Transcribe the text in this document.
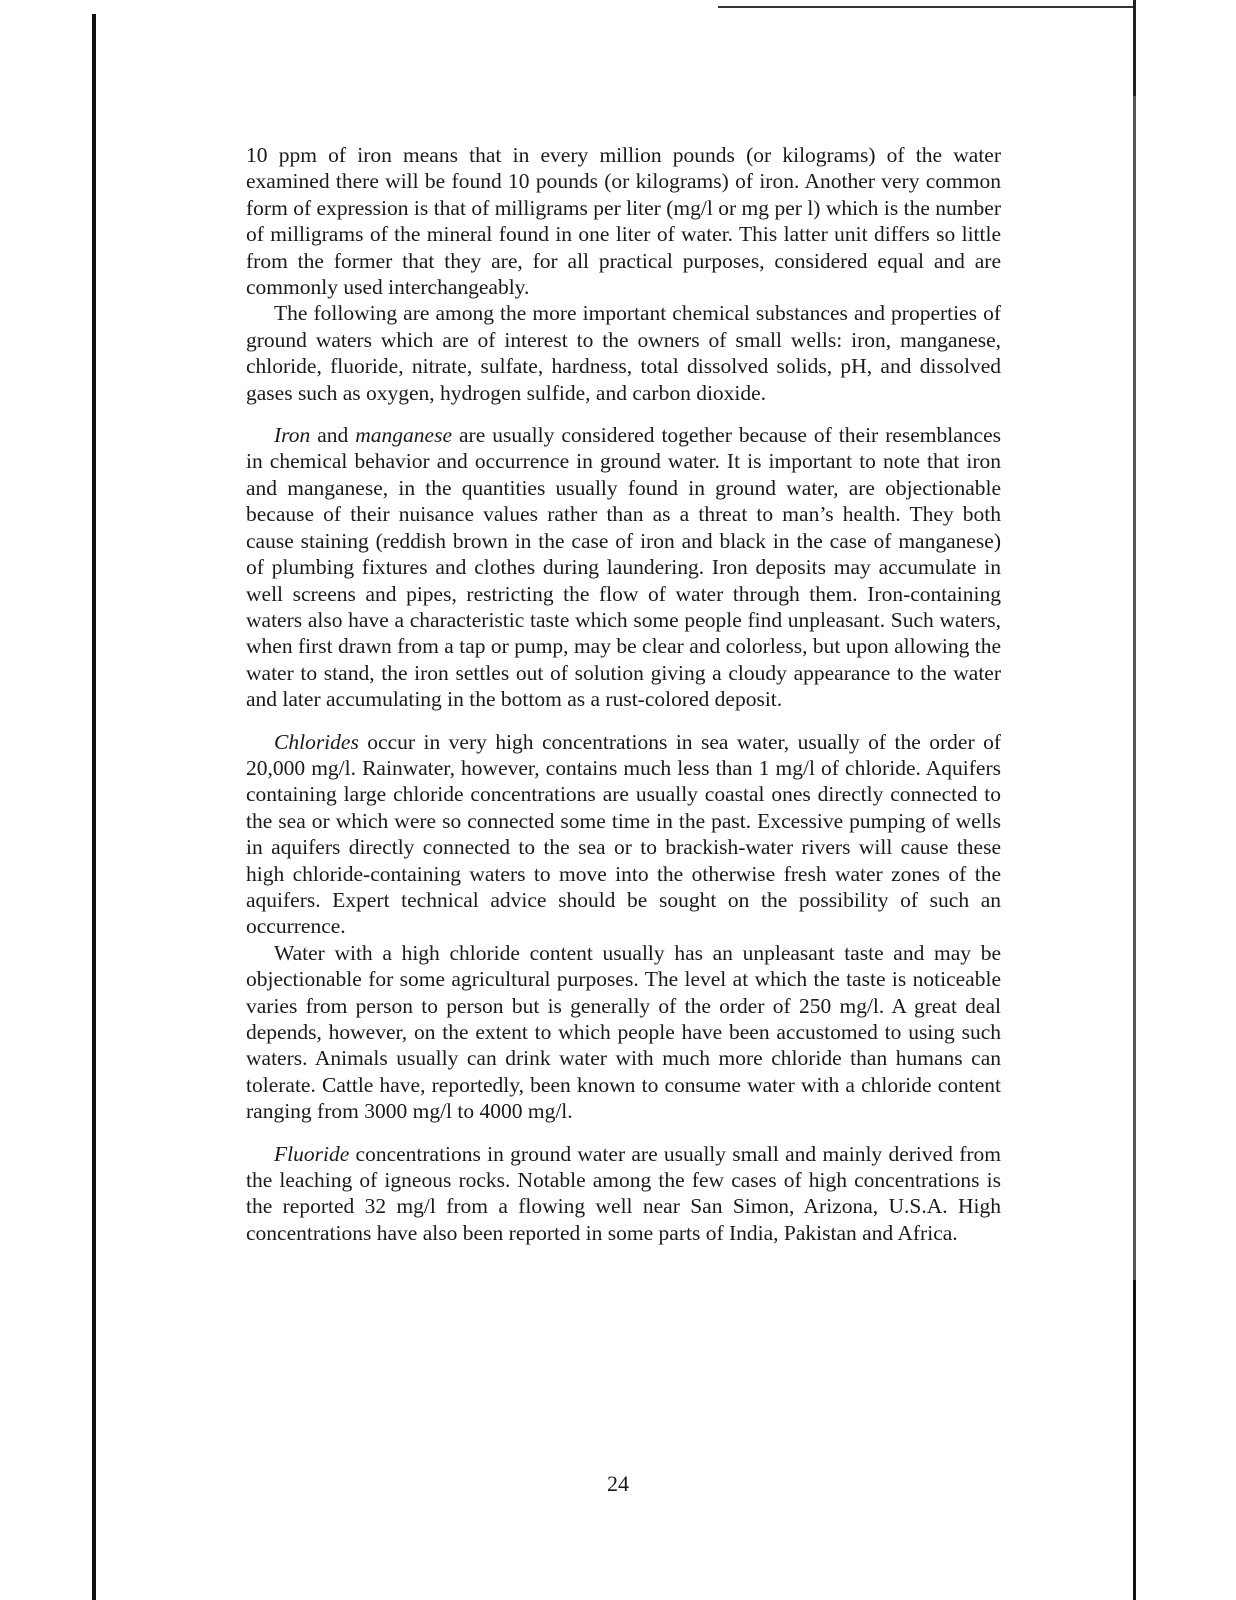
10 ppm of iron means that in every million pounds (or kilograms) of the water examined there will be found 10 pounds (or kilograms) of iron. Another very common form of expression is that of milligrams per liter (mg/l or mg per l) which is the number of milligrams of the mineral found in one liter of water. This latter unit differs so little from the former that they are, for all practical purposes, considered equal and are commonly used interchangeably.

The following are among the more important chemical substances and properties of ground waters which are of interest to the owners of small wells: iron, manganese, chloride, fluoride, nitrate, sulfate, hardness, total dissolved solids, pH, and dissolved gases such as oxygen, hydrogen sulfide, and carbon dioxide.

Iron and manganese are usually considered together because of their resemblances in chemical behavior and occurrence in ground water. It is important to note that iron and manganese, in the quantities usually found in ground water, are objectionable because of their nuisance values rather than as a threat to man’s health. They both cause staining (reddish brown in the case of iron and black in the case of manganese) of plumbing fixtures and clothes during laundering. Iron deposits may accumulate in well screens and pipes, restricting the flow of water through them. Iron-containing waters also have a characteristic taste which some people find unpleasant. Such waters, when first drawn from a tap or pump, may be clear and colorless, but upon allowing the water to stand, the iron settles out of solution giving a cloudy appearance to the water and later accumulating in the bottom as a rust-colored deposit.

Chlorides occur in very high concentrations in sea water, usually of the order of 20,000 mg/l. Rainwater, however, contains much less than 1 mg/l of chloride. Aquifers containing large chloride concentrations are usually coastal ones directly connected to the sea or which were so connected some time in the past. Excessive pumping of wells in aquifers directly connected to the sea or to brackish-water rivers will cause these high chloride-containing waters to move into the otherwise fresh water zones of the aquifers. Expert technical advice should be sought on the possibility of such an occurrence.

Water with a high chloride content usually has an unpleasant taste and may be objectionable for some agricultural purposes. The level at which the taste is noticeable varies from person to person but is generally of the order of 250 mg/l. A great deal depends, however, on the extent to which people have been accustomed to using such waters. Animals usually can drink water with much more chloride than humans can tolerate. Cattle have, reportedly, been known to consume water with a chloride content ranging from 3000 mg/l to 4000 mg/l.

Fluoride concentrations in ground water are usually small and mainly derived from the leaching of igneous rocks. Notable among the few cases of high concentrations is the reported 32 mg/l from a flowing well near San Simon, Arizona, U.S.A. High concentrations have also been reported in some parts of India, Pakistan and Africa.

24
